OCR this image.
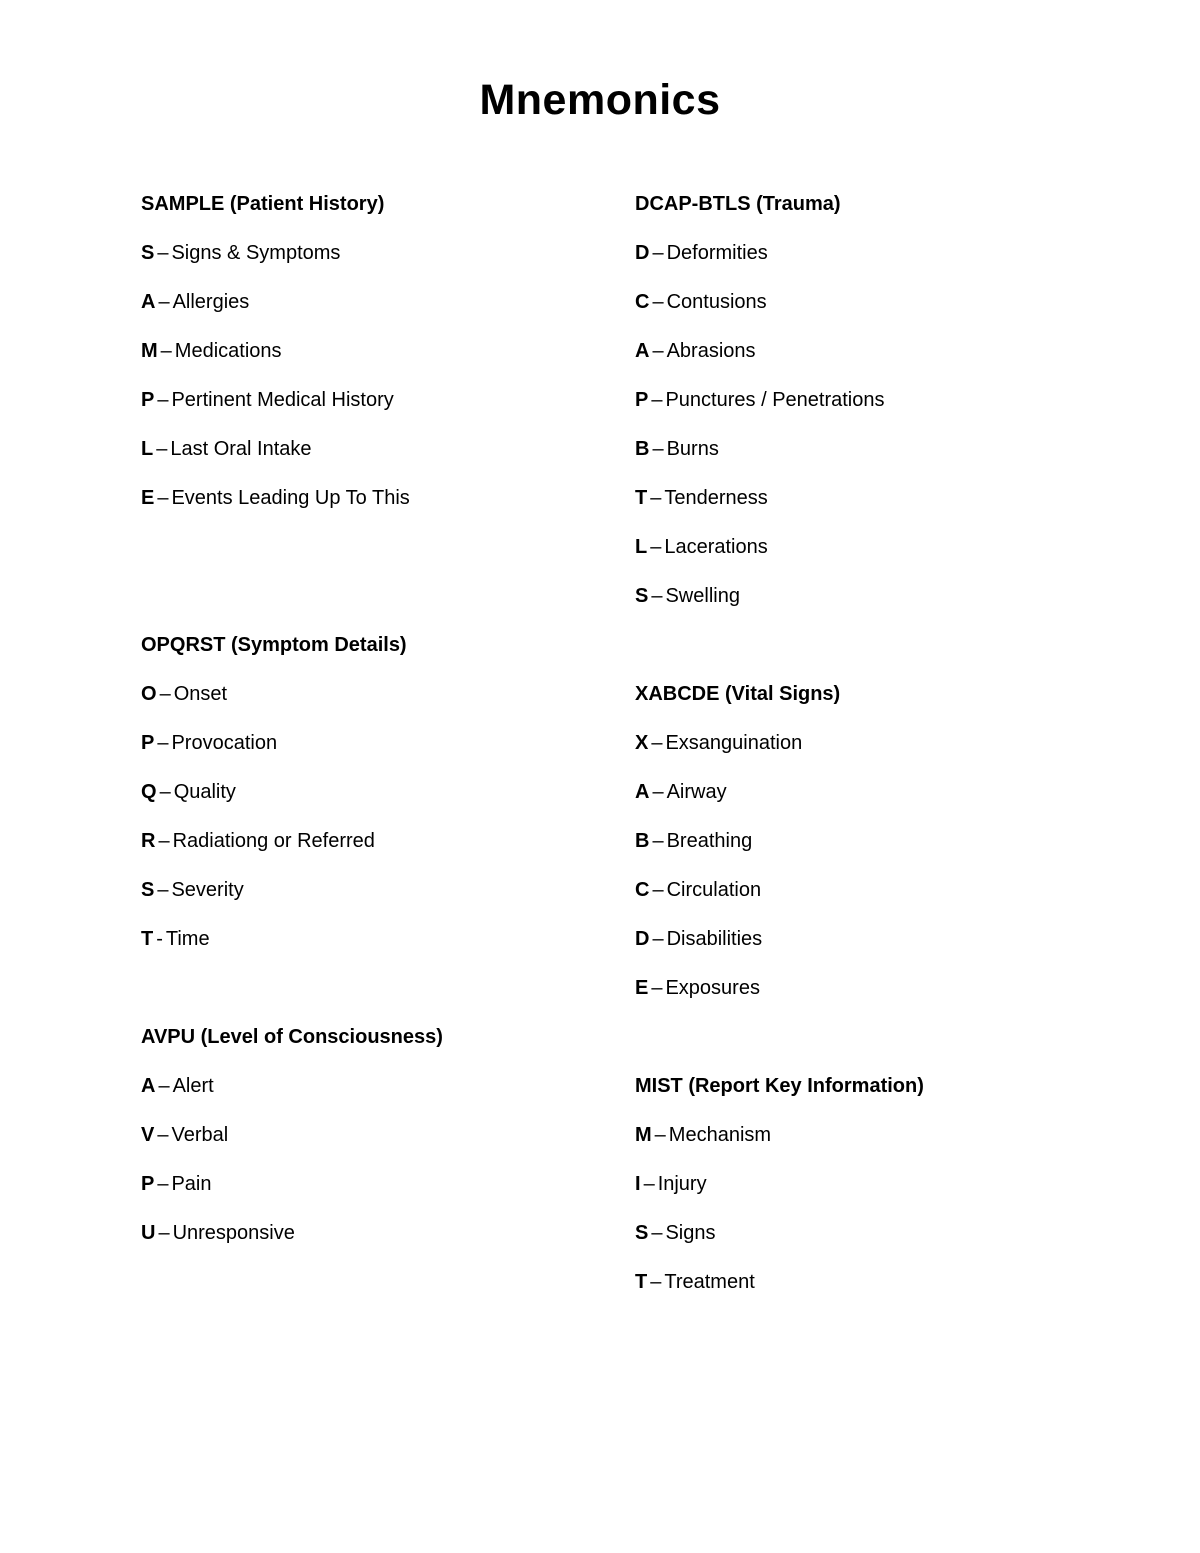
Mnemonics
SAMPLE (Patient History)
S – Signs & Symptoms
A – Allergies
M – Medications
P – Pertinent Medical History
L – Last Oral Intake
E – Events Leading Up To This
OPQRST (Symptom Details)
O – Onset
P – Provocation
Q – Quality
R – Radiationg or Referred
S – Severity
T - Time
AVPU (Level of Consciousness)
A – Alert
V – Verbal
P – Pain
U – Unresponsive
DCAP-BTLS (Trauma)
D – Deformities
C – Contusions
A – Abrasions
P – Punctures / Penetrations
B – Burns
T – Tenderness
L – Lacerations
S – Swelling
XABCDE (Vital Signs)
X – Exsanguination
A – Airway
B – Breathing
C – Circulation
D – Disabilities
E – Exposures
MIST (Report Key Information)
M – Mechanism
I – Injury
S – Signs
T – Treatment
